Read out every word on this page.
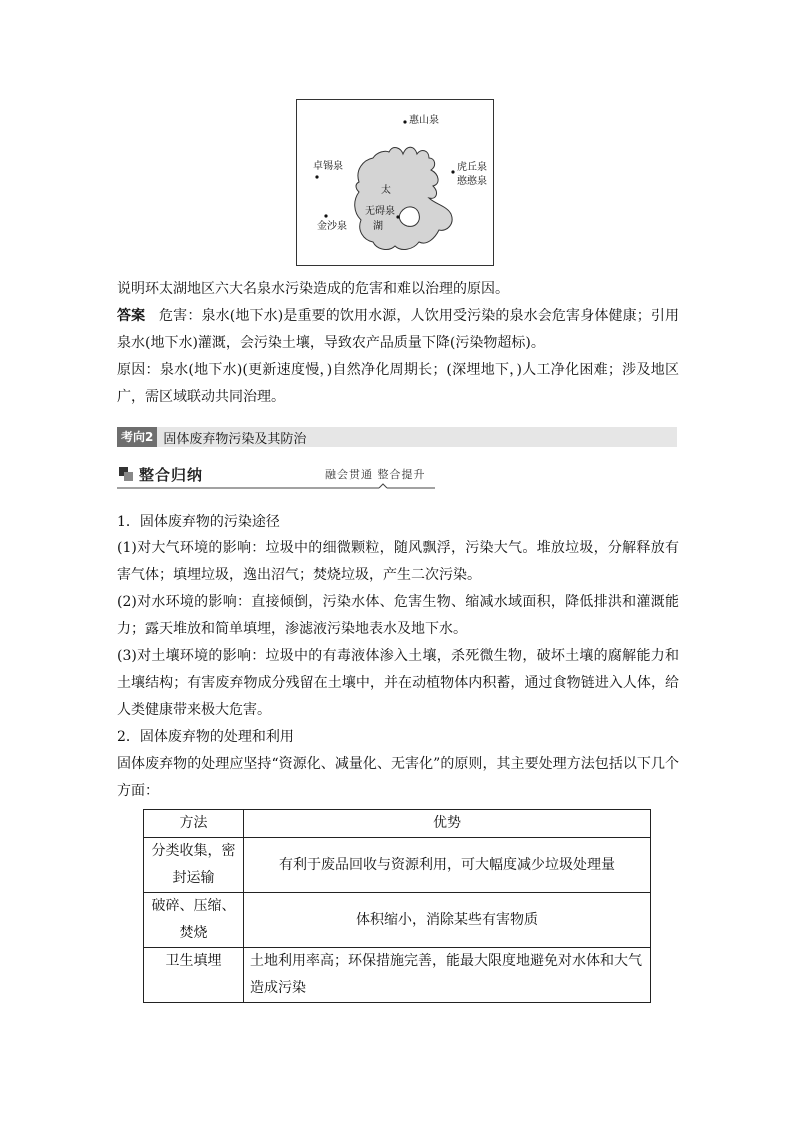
惠山泉
卓锡泉	虎丘泉
憨憨泉
太
无碍泉
湖
金沙泉
说明环太湖地区六大名泉水污染造成的危害和难以治理的原因。
答案 危害：泉水(地下水)是重要的饮用水源，人饮用受污染的泉水会危害身体健康；引用泉水(地下水)灌溉，会污染土壤，导致农产品质量下降(污染物超标)。
原因：泉水(地下水)(更新速度慢，)自然净化周期长；(深埋地下，)人工净化困难；涉及地区广，需区域联动共同治理。
考向2 固体废弃物污染及其防治
整合归纳	融会贯通 整合提升
1．固体废弃物的污染途径
(1)对大气环境的影响：垃圾中的细微颗粒，随风飘浮，污染大气。堆放垃圾，分解释放有害气体；填埋垃圾，逸出沼气；焚烧垃圾，产生二次污染。
(2)对水环境的影响：直接倾倒，污染水体、危害生物、缩减水域面积，降低排洪和灌溉能力；露天堆放和简单填埋，渗滤液污染地表水及地下水。
(3)对土壤环境的影响：垃圾中的有毒液体渗入土壤，杀死微生物，破坏土壤的腐解能力和土壤结构；有害废弃物成分残留在土壤中，并在动植物体内积蓄，通过食物链进入人体，给人类健康带来极大危害。
2．固体废弃物的处理和利用
固体废弃物的处理应坚持“资源化、减量化、无害化”的原则，其主要处理方法包括以下几个方面：
方法	优势
分类收集，密封运输	有利于废品回收与资源利用，可大幅度减少垃圾处理量
破碎、压缩、焚烧	体积缩小，消除某些有害物质
卫生填埋	土地利用率高；环保措施完善，能最大限度地避免对水体和大气造成污染
